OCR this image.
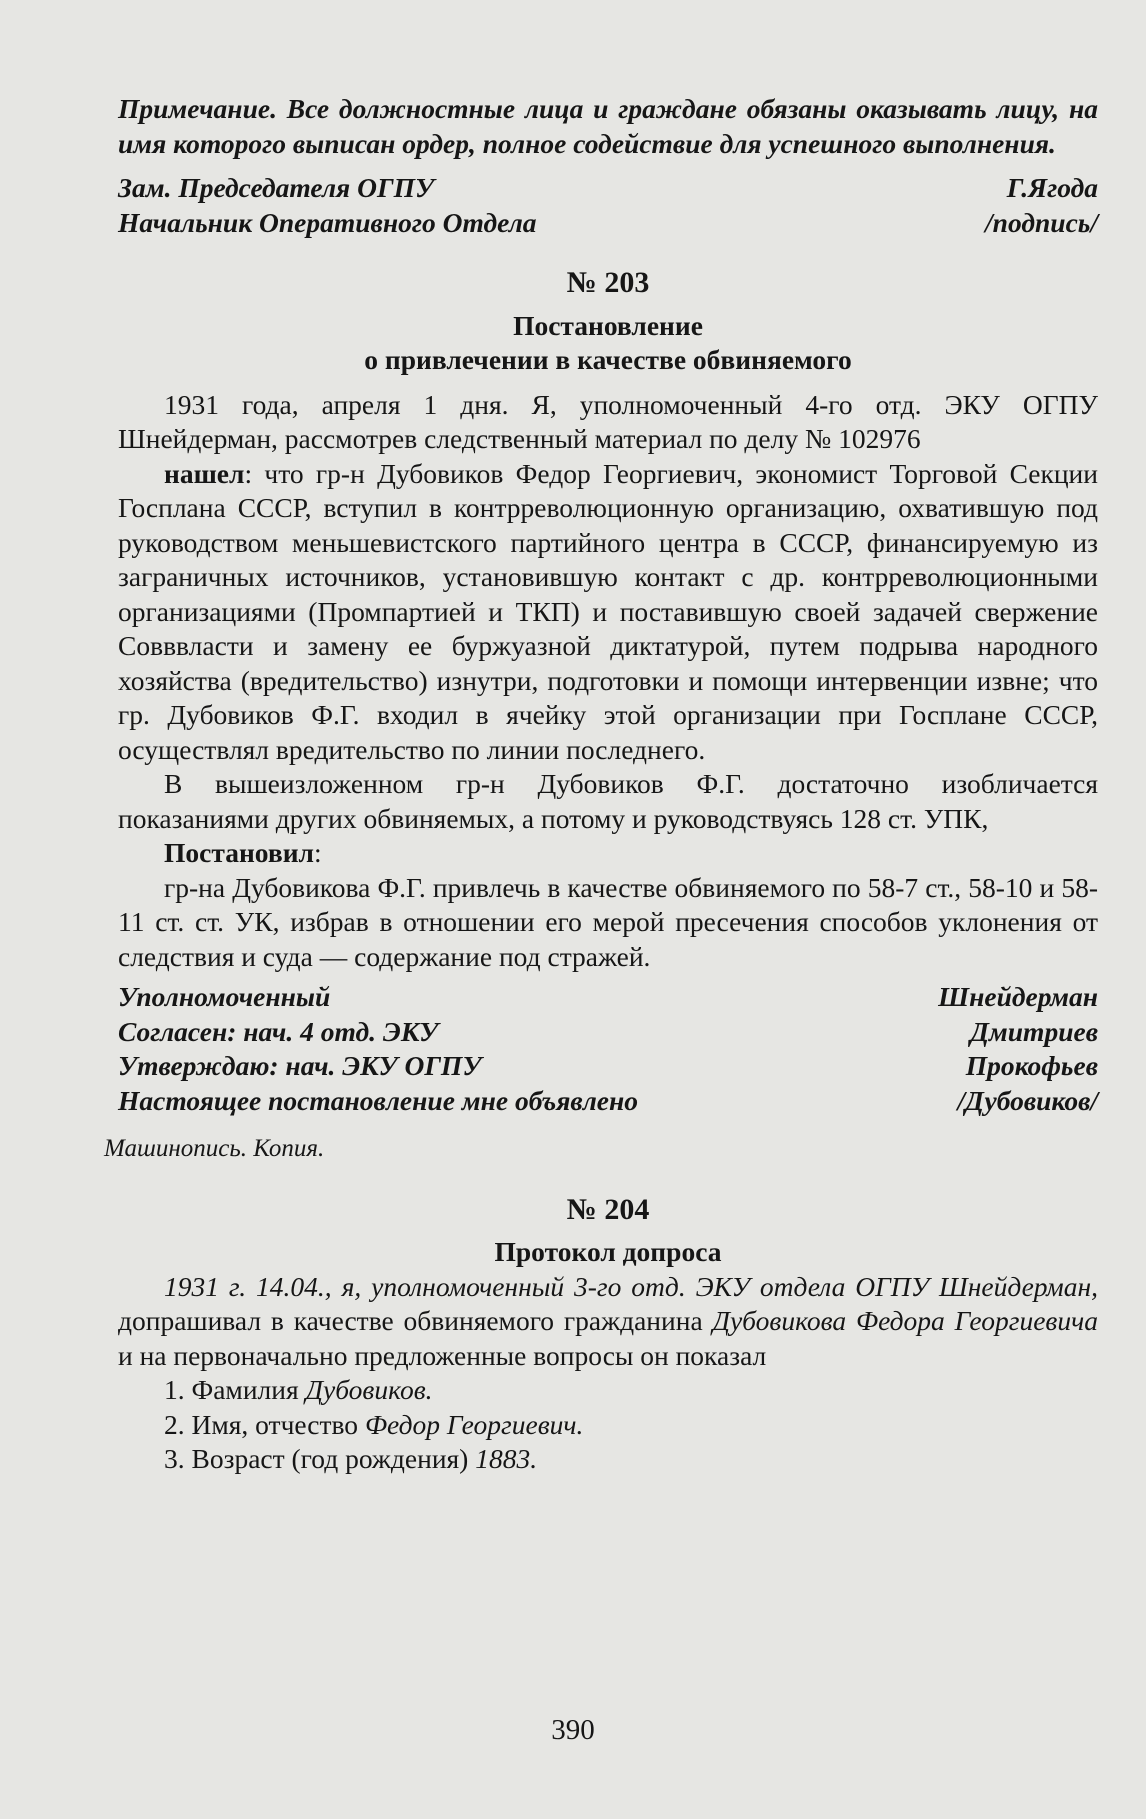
Примечание. Все должностные лица и граждане обязаны оказывать лицу, на имя которого выписан ордер, полное содействие для успешного выполнения.
Зам. Председателя ОГПУ	Г.Ягода
Начальник Оперативного Отдела	/подпись/
№ 203
Постановление
о привлечении в качестве обвиняемого
1931 года, апреля 1 дня. Я, уполномоченный 4-го отд. ЭКУ ОГПУ Шнейдерман, рассмотрев следственный материал по делу № 102976
нашел: что гр-н Дубовиков Федор Георгиевич, экономист Торговой Секции Госплана СССР, вступил в контрреволюционную организацию, охватившую под руководством меньшевистского партийного центра в СССР, финансируемую из заграничных источников, установившую контакт с др. контрреволюционными организациями (Промпартией и ТКП) и поставившую своей задачей свержение Совввласти и замену ее буржуазной диктатурой, путем подрыва народного хозяйства (вредительство) изнутри, подготовки и помощи интервенции извне; что гр. Дубовиков Ф.Г. входил в ячейку этой организации при Госплане СССР, осуществлял вредительство по линии последнего.
В вышеизложенном гр-н Дубовиков Ф.Г. достаточно изобличается показаниями других обвиняемых, а потому и руководствуясь 128 ст. УПК,
Постановил:
гр-на Дубовикова Ф.Г. привлечь в качестве обвиняемого по 58-7 ст., 58-10 и 58-11 ст. ст. УК, избрав в отношении его мерой пресечения способов уклонения от следствия и суда — содержание под стражей.
Уполномоченный	Шнейдерман
Согласен: нач. 4 отд. ЭКУ	Дмитриев
Утверждаю: нач. ЭКУ ОГПУ	Прокофьев
Настоящее постановление мне объявлено	/Дубовиков/
Машинопись. Копия.
№ 204
Протокол допроса
1931 г. 14.04., я, уполномоченный 3-го отд. ЭКУ отдела ОГПУ Шнейдерман, допрашивал в качестве обвиняемого гражданина Дубовикова Федора Георгиевича и на первоначально предложенные вопросы он показал
1. Фамилия Дубовиков.
2. Имя, отчество Федор Георгиевич.
3. Возраст (год рождения) 1883.
390
